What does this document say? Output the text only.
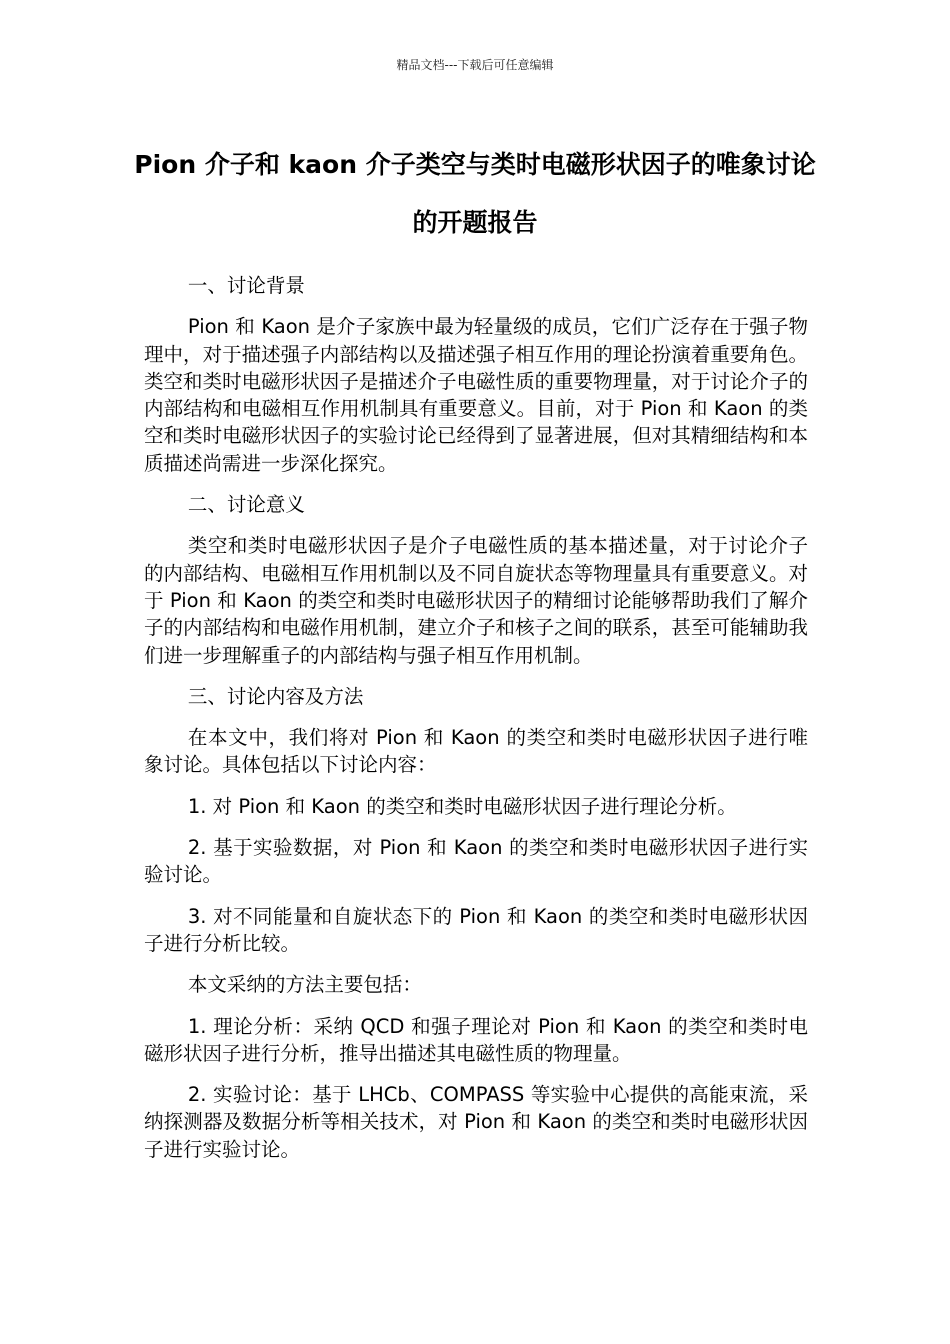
精品文档---下载后可任意编辑
Pion 介子和 kaon 介子类空与类时电磁形状因子的唯象讨论的开题报告

一、讨论背景

Pion 和 Kaon 是介子家族中最为轻量级的成员，它们广泛存在于强子物理中，对于描述强子内部结构以及描述强子相互作用的理论扮演着重要角色。类空和类时电磁形状因子是描述介子电磁性质的重要物理量，对于讨论介子的内部结构和电磁相互作用机制具有重要意义。目前，对于 Pion 和 Kaon 的类空和类时电磁形状因子的实验讨论已经得到了显著进展，但对其精细结构和本质描述尚需进一步深化探究。

二、讨论意义

类空和类时电磁形状因子是介子电磁性质的基本描述量，对于讨论介子的内部结构、电磁相互作用机制以及不同自旋状态等物理量具有重要意义。对于 Pion 和 Kaon 的类空和类时电磁形状因子的精细讨论能够帮助我们了解介子的内部结构和电磁作用机制，建立介子和核子之间的联系，甚至可能辅助我们进一步理解重子的内部结构与强子相互作用机制。

三、讨论内容及方法

在本文中，我们将对 Pion 和 Kaon 的类空和类时电磁形状因子进行唯象讨论。具体包括以下讨论内容：

1. 对 Pion 和 Kaon 的类空和类时电磁形状因子进行理论分析。

2. 基于实验数据，对 Pion 和 Kaon 的类空和类时电磁形状因子进行实验讨论。

3. 对不同能量和自旋状态下的 Pion 和 Kaon 的类空和类时电磁形状因子进行分析比较。

本文采纳的方法主要包括：

1. 理论分析：采纳 QCD 和强子理论对 Pion 和 Kaon 的类空和类时电磁形状因子进行分析，推导出描述其电磁性质的物理量。

2. 实验讨论：基于 LHCb、COMPASS 等实验中心提供的高能束流，采纳探测器及数据分析等相关技术，对 Pion 和 Kaon 的类空和类时电磁形状因子进行实验讨论。
